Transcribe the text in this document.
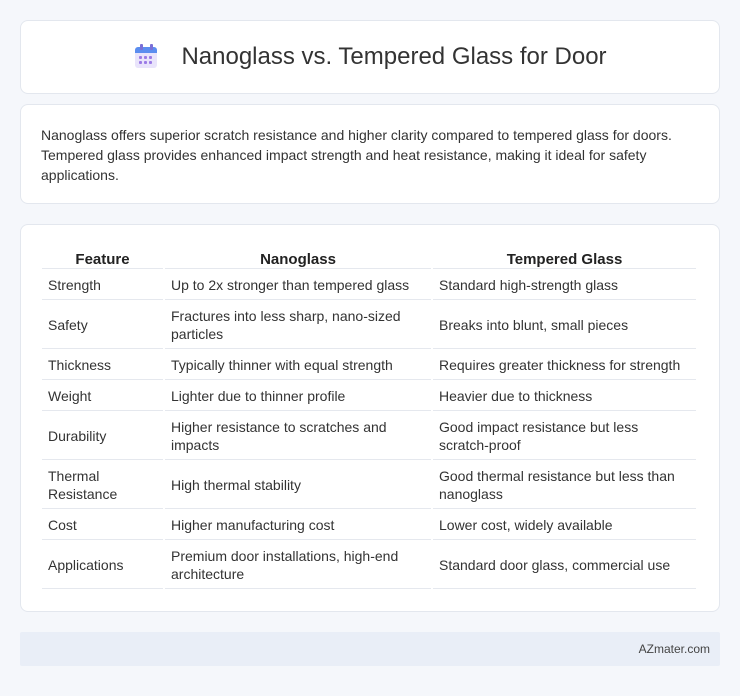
Nanoglass vs. Tempered Glass for Door

Nanoglass offers superior scratch resistance and higher clarity compared to tempered glass for doors. Tempered glass provides enhanced impact strength and heat resistance, making it ideal for safety applications.

Feature	Nanoglass	Tempered Glass
Strength	Up to 2x stronger than tempered glass	Standard high-strength glass
Safety	Fractures into less sharp, nano-sized particles	Breaks into blunt, small pieces
Thickness	Typically thinner with equal strength	Requires greater thickness for strength
Weight	Lighter due to thinner profile	Heavier due to thickness
Durability	Higher resistance to scratches and impacts	Good impact resistance but less scratch-proof
Thermal Resistance	High thermal stability	Good thermal resistance but less than nanoglass
Cost	Higher manufacturing cost	Lower cost, widely available
Applications	Premium door installations, high-end architecture	Standard door glass, commercial use
AZmater.com
